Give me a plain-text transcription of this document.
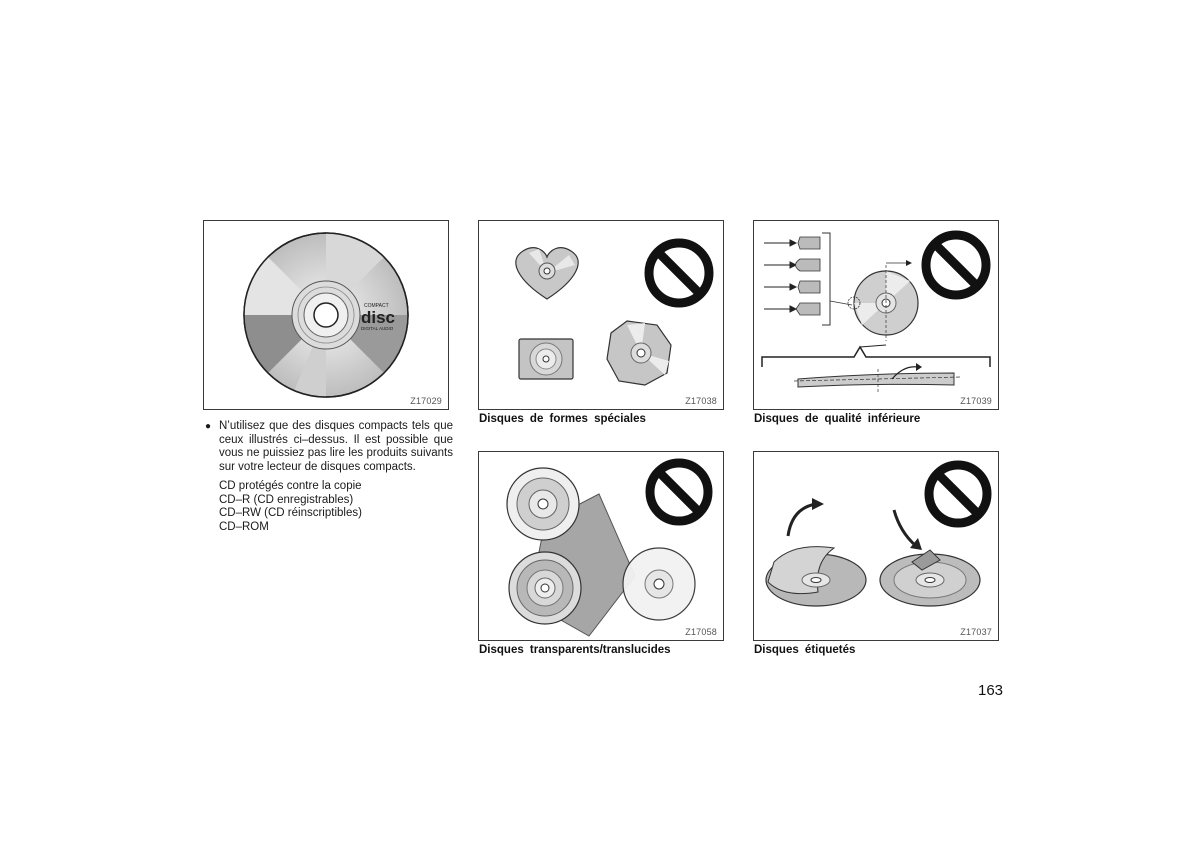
COMPACT
disc
DIGITAL AUDIO
Z17029	Z17038	Z17039
Z17058	Z17037
Disques de formes spéciales	Disques de qualité inférieure
Disques transparents/translucides	Disques étiquetés
● N’utilisez que des disques compacts tels que ceux illustrés ci–dessus. Il est possible que vous ne puissiez pas lire les produits suivants sur votre lecteur de disques compacts.
CD protégés contre la copie
CD–R (CD enregistrables)
CD–RW (CD réinscriptibles)
CD–ROM
163
